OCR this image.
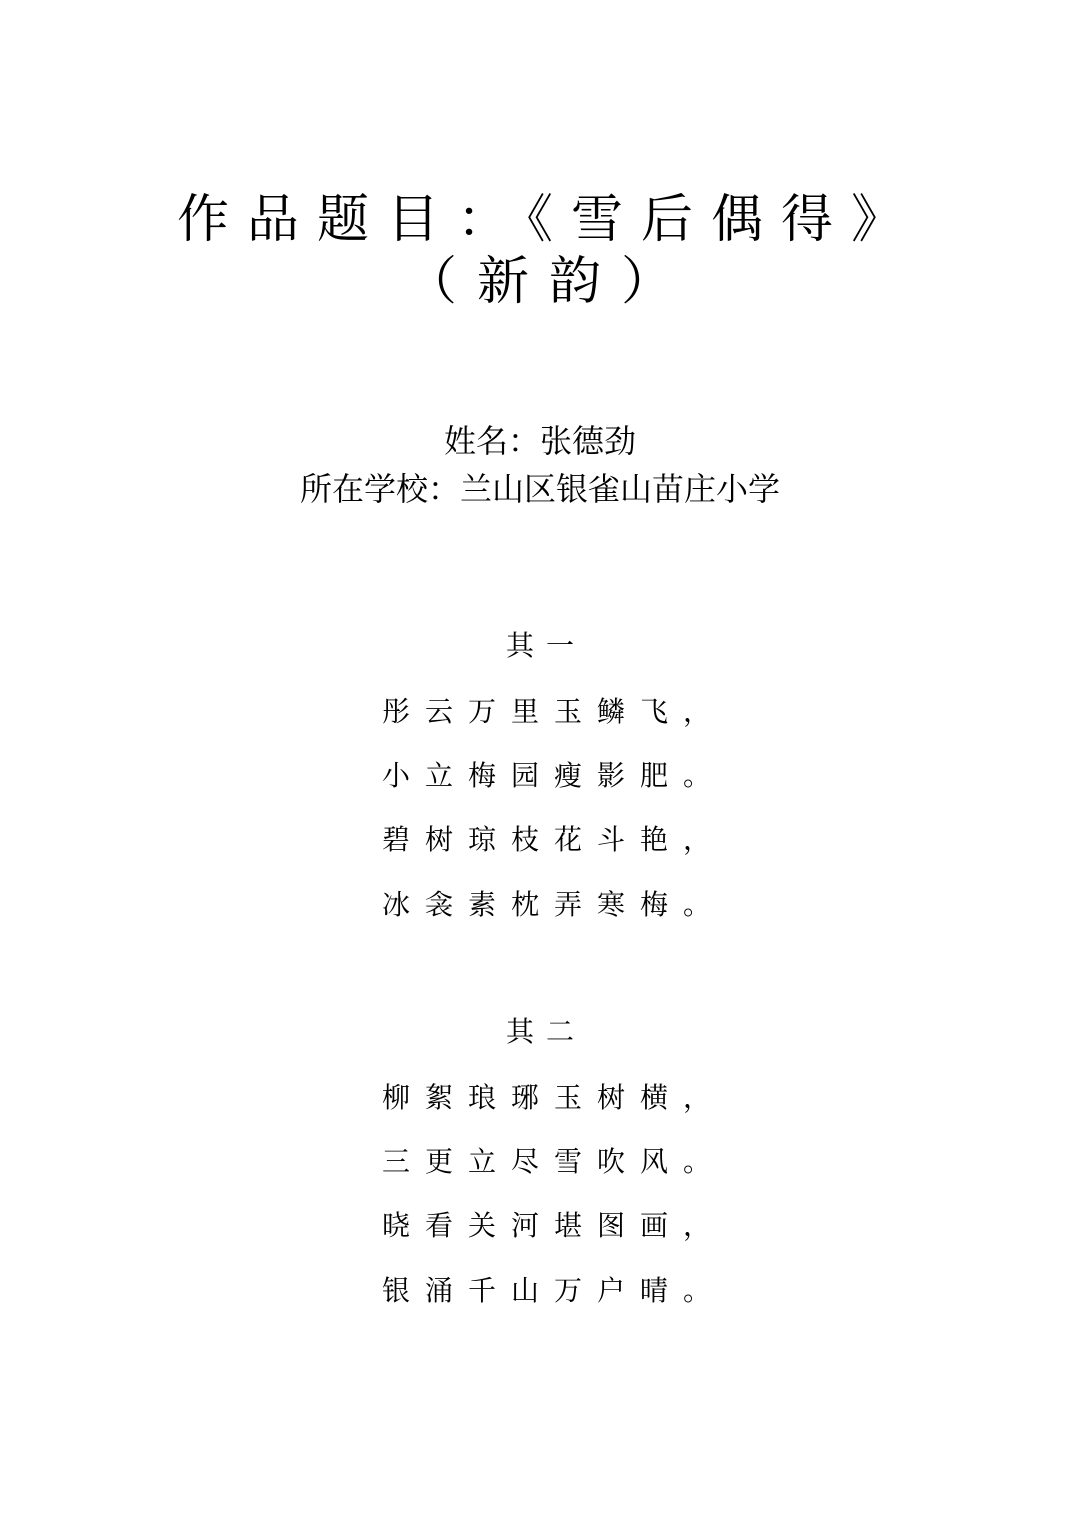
作品题目：《雪后偶得》
（新韵）
姓名：张德劲
所在学校：兰山区银雀山苗庄小学
其一
彤云万里玉鳞飞，
小立梅园瘦影肥。
碧树琼枝花斗艳，
冰衾素枕弄寒梅。
其二
柳絮琅琊玉树横，
三更立尽雪吹风。
晓看关河堪图画，
银涌千山万户晴。
